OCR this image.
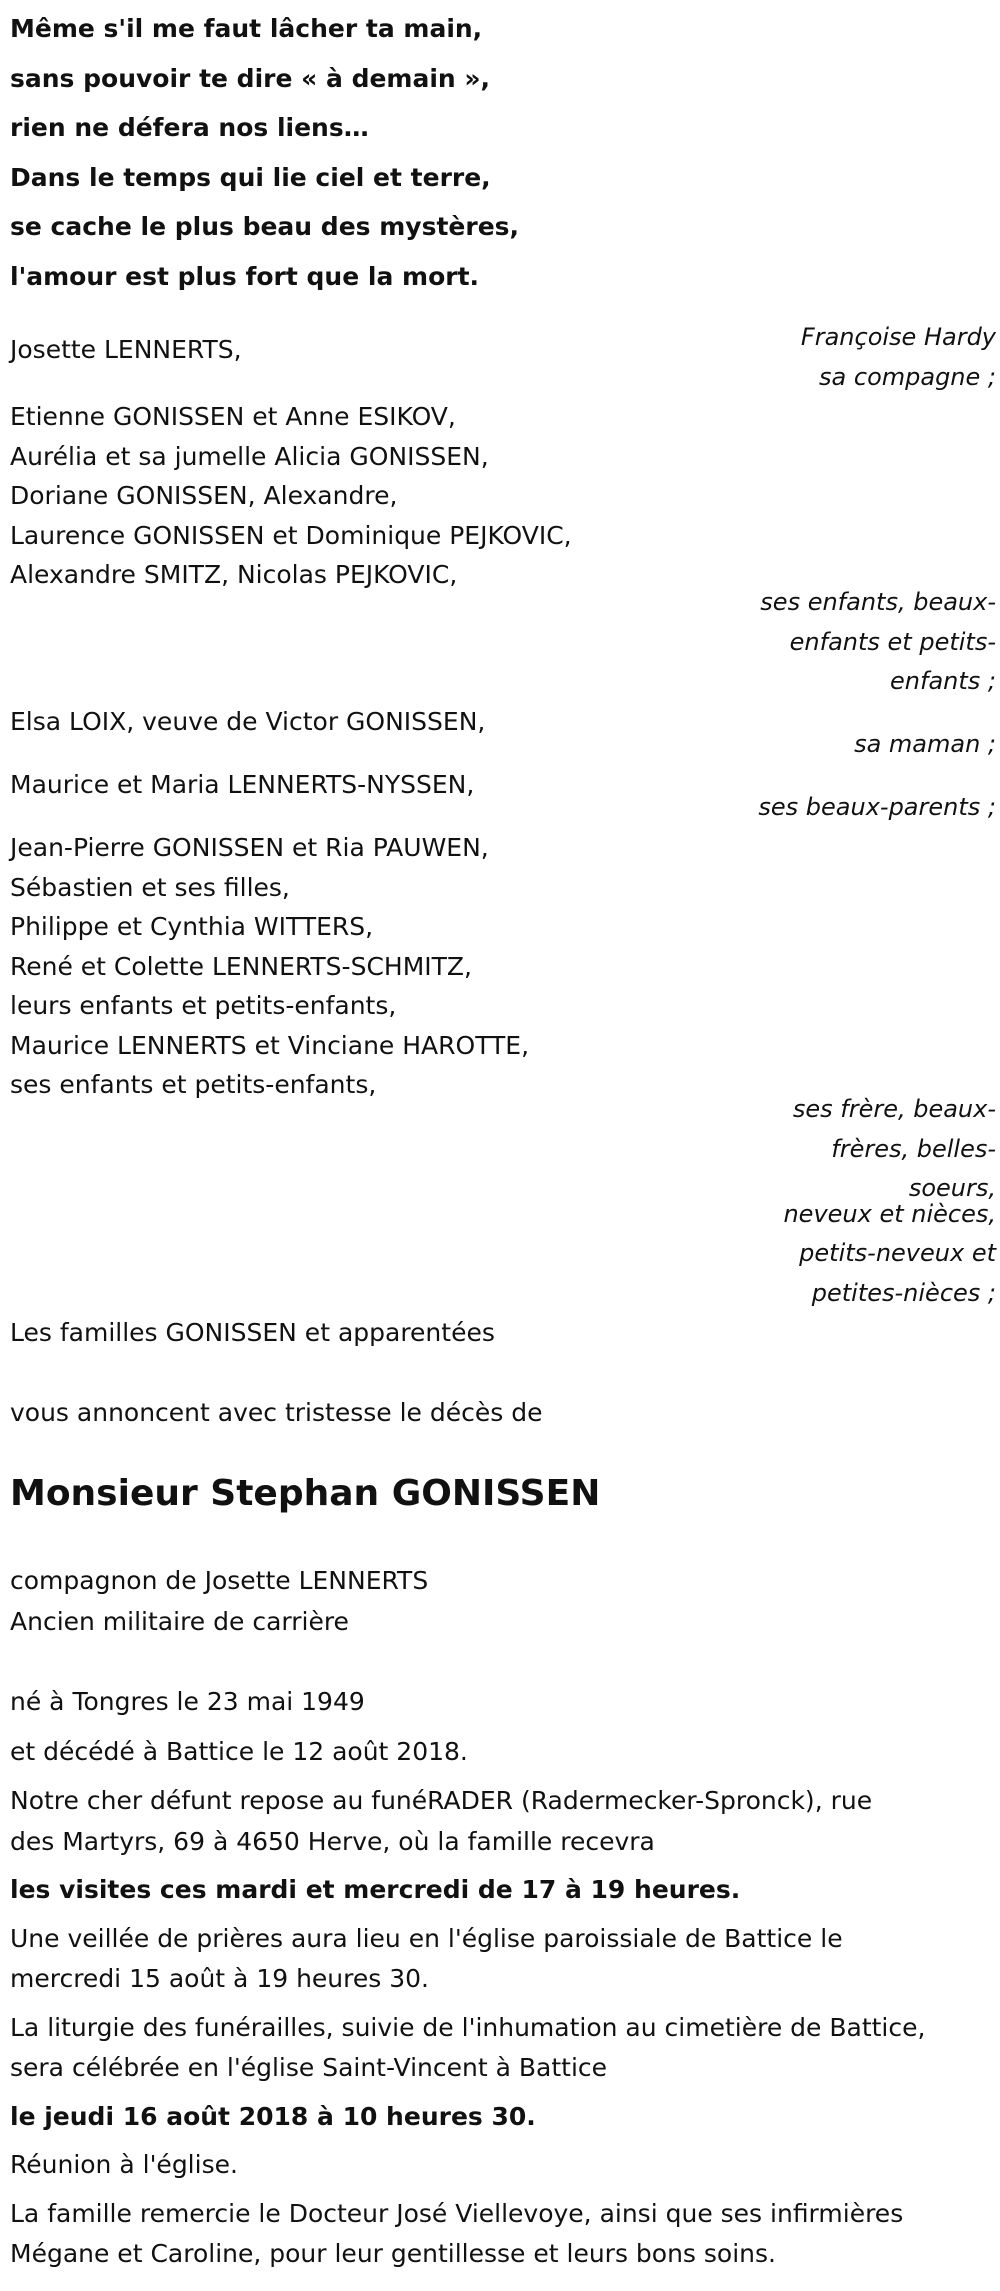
Même s'il me faut lâcher ta main,
sans pouvoir te dire « à demain »,
rien ne défera nos liens…
Dans le temps qui lie ciel et terre,
se cache le plus beau des mystères,
l'amour est plus fort que la mort.
Josette LENNERTS,	Françoise Hardy
sa compagne ;
Etienne GONISSEN et Anne ESIKOV,
Aurélia et sa jumelle Alicia GONISSEN,
Doriane GONISSEN, Alexandre,
Laurence GONISSEN et Dominique PEJKOVIC,
Alexandre SMITZ, Nicolas PEJKOVIC,
ses enfants, beaux-
enfants et petits-
enfants ;
Elsa LOIX, veuve de Victor GONISSEN,
sa maman ;
Maurice et Maria LENNERTS-NYSSEN,
ses beaux-parents ;
Jean-Pierre GONISSEN et Ria PAUWEN,
Sébastien et ses filles,
Philippe et Cynthia WITTERS,
René et Colette LENNERTS-SCHMITZ,
leurs enfants et petits-enfants,
Maurice LENNERTS et Vinciane HAROTTE,
ses enfants et petits-enfants,
ses frère, beaux-
frères, belles-
soeurs,
neveux et nièces,
petits-neveux et
petites-nièces ;
Les familles GONISSEN et apparentées
vous annoncent avec tristesse le décès de
Monsieur Stephan GONISSEN
compagnon de Josette LENNERTS
Ancien militaire de carrière
né à Tongres le 23 mai 1949
et décédé à Battice le 12 août 2018.
Notre cher défunt repose au funéRADER (Radermecker-Spronck), rue
des Martyrs, 69 à 4650 Herve, où la famille recevra
les visites ces mardi et mercredi de 17 à 19 heures.
Une veillée de prières aura lieu en l'église paroissiale de Battice le
mercredi 15 août à 19 heures 30.
La liturgie des funérailles, suivie de l'inhumation au cimetière de Battice,
sera célébrée en l'église Saint-Vincent à Battice
le jeudi 16 août 2018 à 10 heures 30.
Réunion à l'église.
La famille remercie le Docteur José Viellevoye, ainsi que ses infirmières
Mégane et Caroline, pour leur gentillesse et leurs bons soins.
